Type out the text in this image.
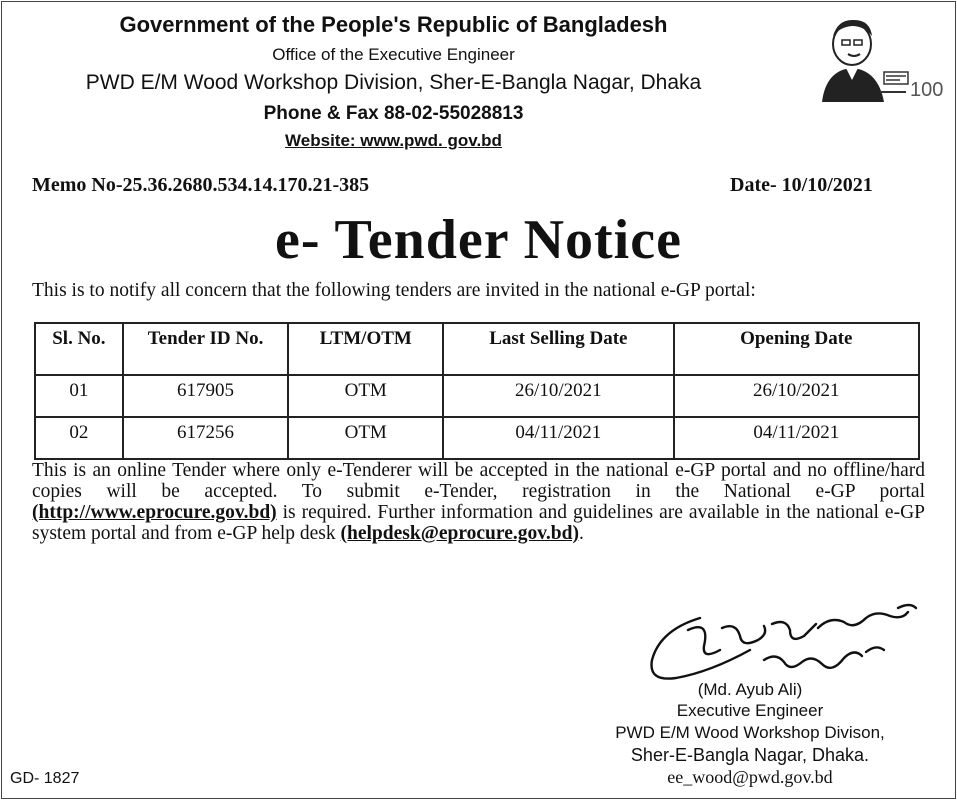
Government of the People's Republic of Bangladesh
Office of the Executive Engineer
PWD E/M Wood Workshop Division, Sher-E-Bangla Nagar, Dhaka
Phone & Fax 88-02-55028813
Website: www.pwd. gov.bd
100
Memo No-25.36.2680.534.14.170.21-385	Date- 10/10/2021
e- Tender Notice
This is to notify all concern that the following tenders are invited in the national e-GP portal:
Sl. No.	Tender ID No.	LTM/OTM	Last Selling Date	Opening Date
01	617905	OTM	26/10/2021	26/10/2021
02	617256	OTM	04/11/2021	04/11/2021
This is an online Tender where only e-Tenderer will be accepted in the national e-GP portal and no offline/hard copies will be accepted. To submit e-Tender, registration in the National e-GP portal (http://www.eprocure.gov.bd) is required. Further information and guidelines are available in the national e-GP system portal and from e-GP help desk (helpdesk@eprocure.gov.bd).
(Md. Ayub Ali)
Executive Engineer
PWD E/M Wood Workshop Divison,
Sher-E-Bangla Nagar, Dhaka.
ee_wood@pwd.gov.bd
GD- 1827
